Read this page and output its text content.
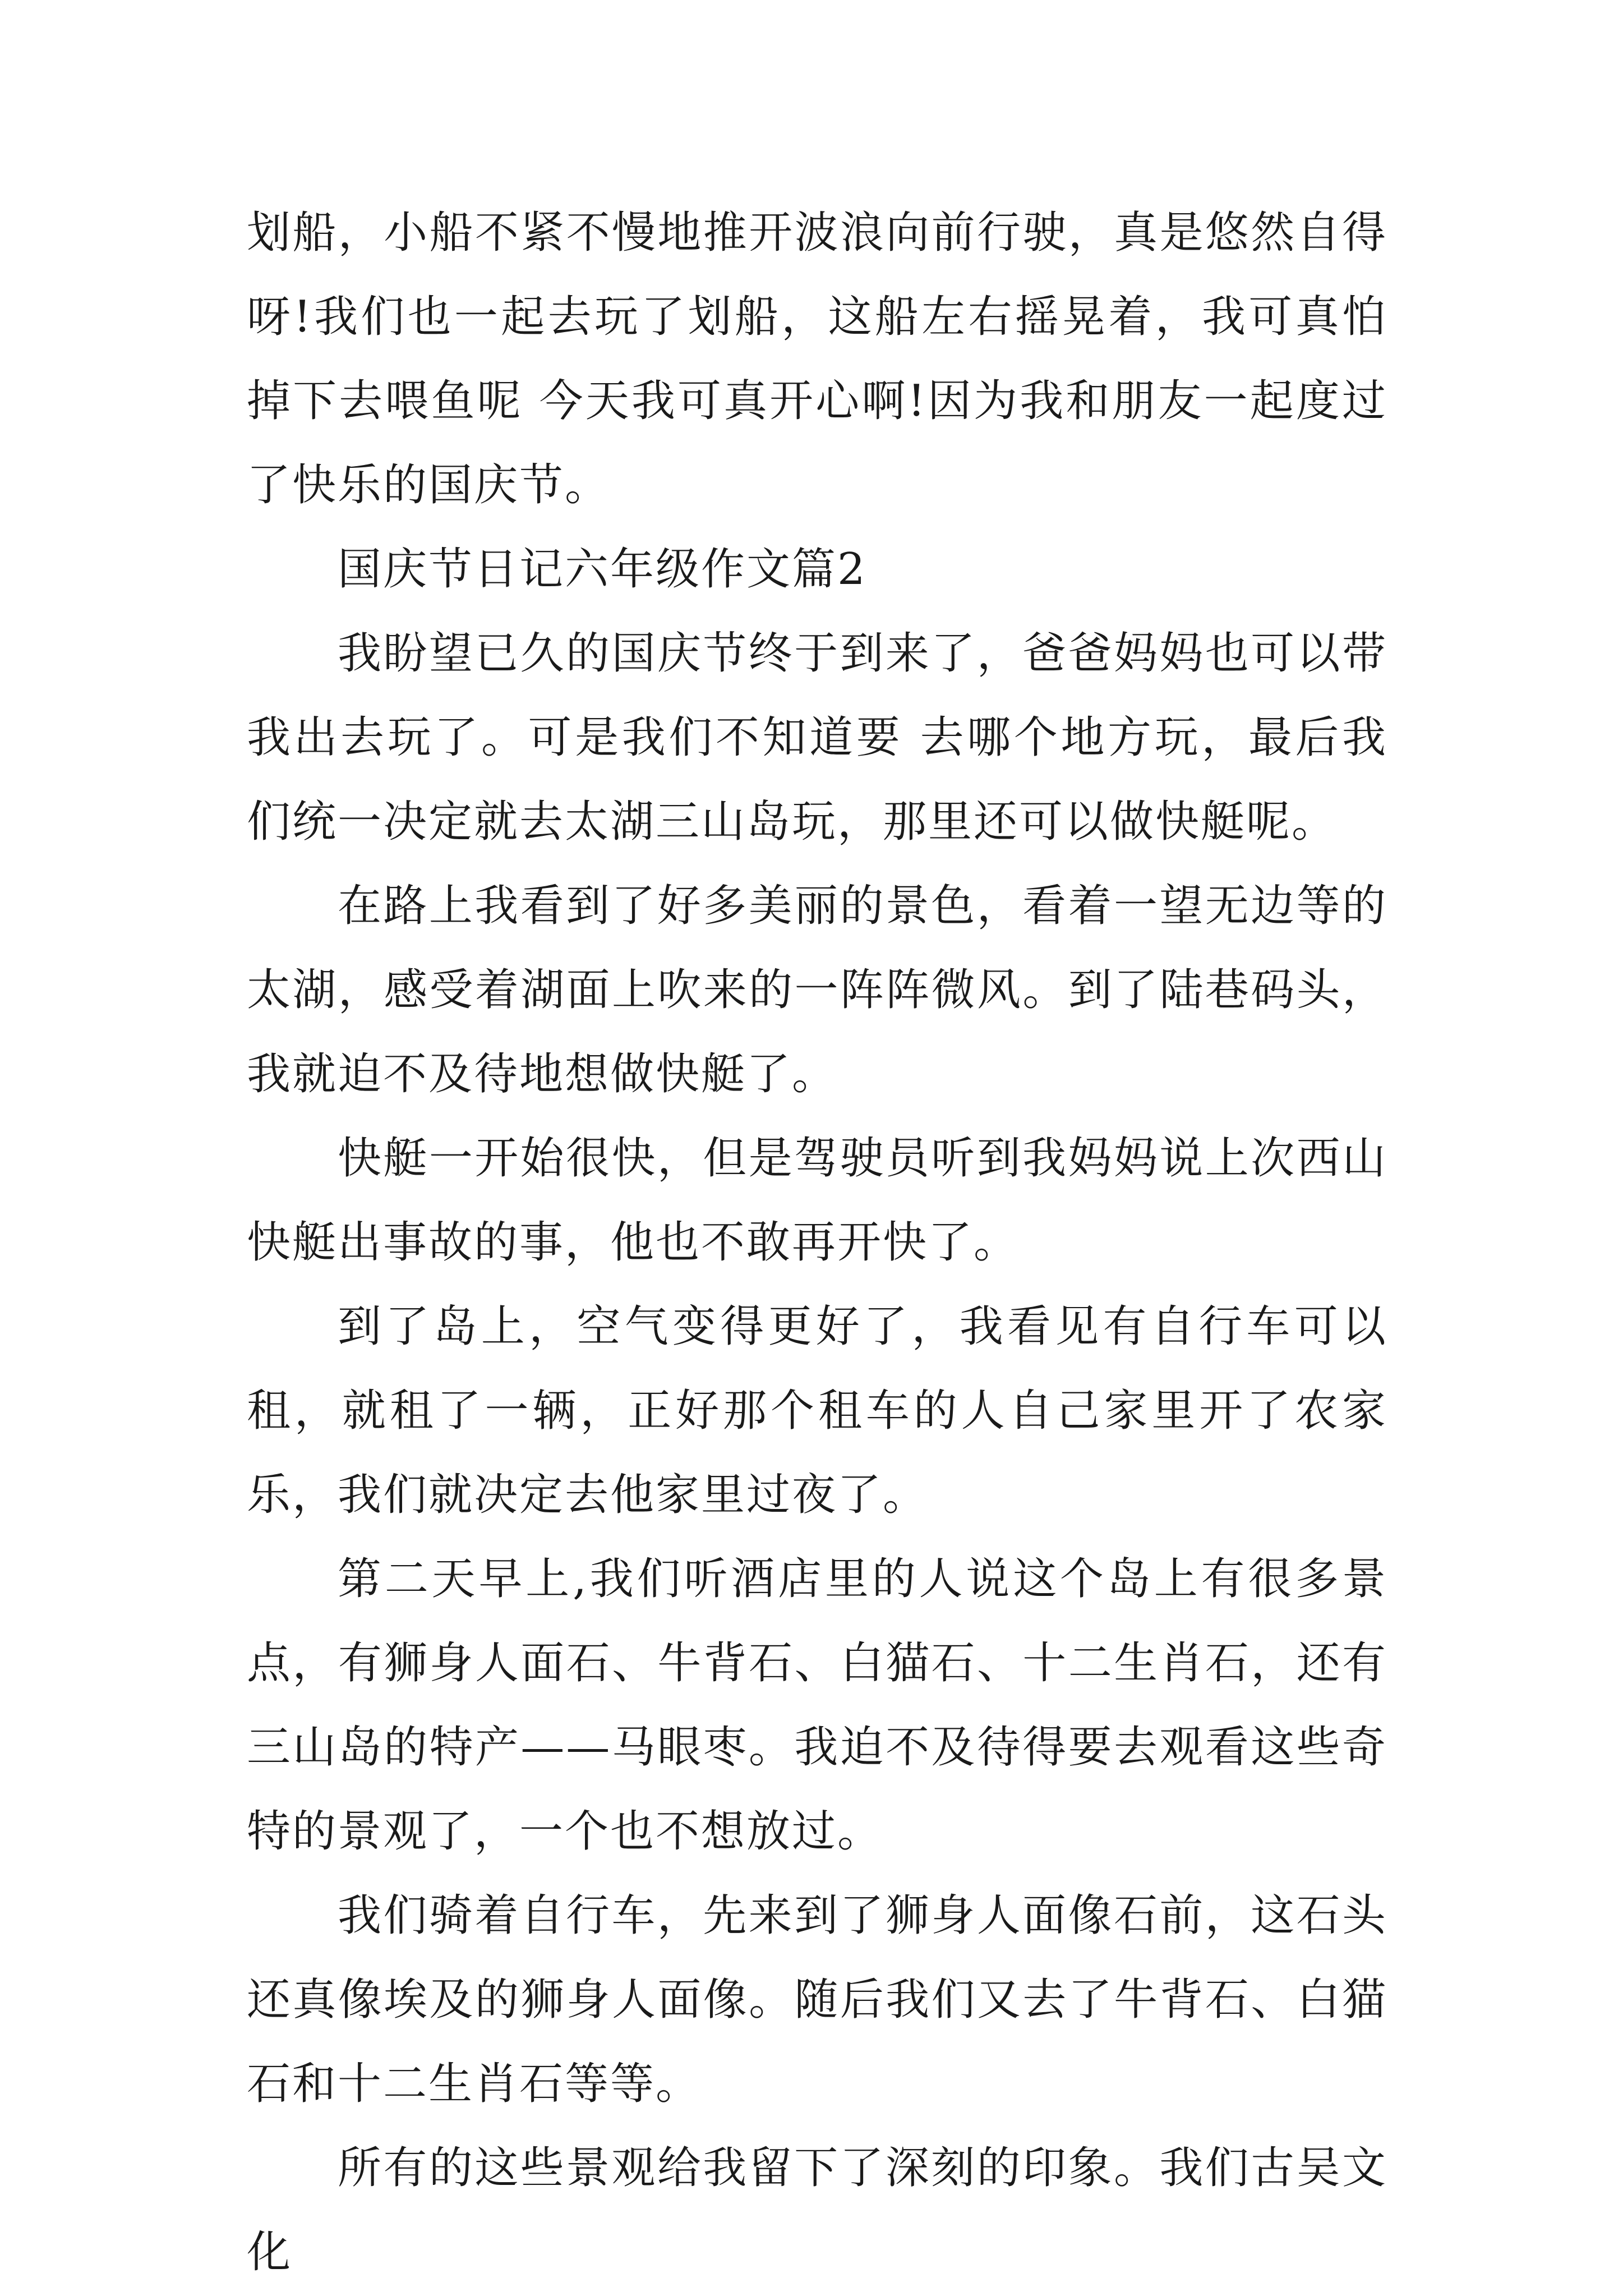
划船，小船不紧不慢地推开波浪向前行驶，真是悠然自得呀!我们也一起去玩了划船，这船左右摇晃着，我可真怕掉下去喂鱼呢 今天我可真开心啊!因为我和朋友一起度过了快乐的国庆节。

国庆节日记六年级作文篇2

我盼望已久的国庆节终于到来了，爸爸妈妈也可以带我出去玩了。可是我们不知道要 去哪个地方玩，最后我们统一决定就去太湖三山岛玩，那里还可以做快艇呢。

在路上我看到了好多美丽的景色，看着一望无边等的太湖，感受着湖面上吹来的一阵阵微风。到了陆巷码头，我就迫不及待地想做快艇了。

快艇一开始很快，但是驾驶员听到我妈妈说上次西山快艇出事故的事，他也不敢再开快了。

到了岛上，空气变得更好了，我看见有自行车可以租，就租了一辆，正好那个租车的人自己家里开了农家乐，我们就决定去他家里过夜了。

第二天早上,我们听酒店里的人说这个岛上有很多景点，有狮身人面石、牛背石、白猫石、十二生肖石，还有三山岛的特产——马眼枣。我迫不及待得要去观看这些奇特的景观了，一个也不想放过。

我们骑着自行车，先来到了狮身人面像石前，这石头还真像埃及的狮身人面像。随后我们又去了牛背石、白猫石和十二生肖石等等。

所有的这些景观给我留下了深刻的印象。我们古吴文化
